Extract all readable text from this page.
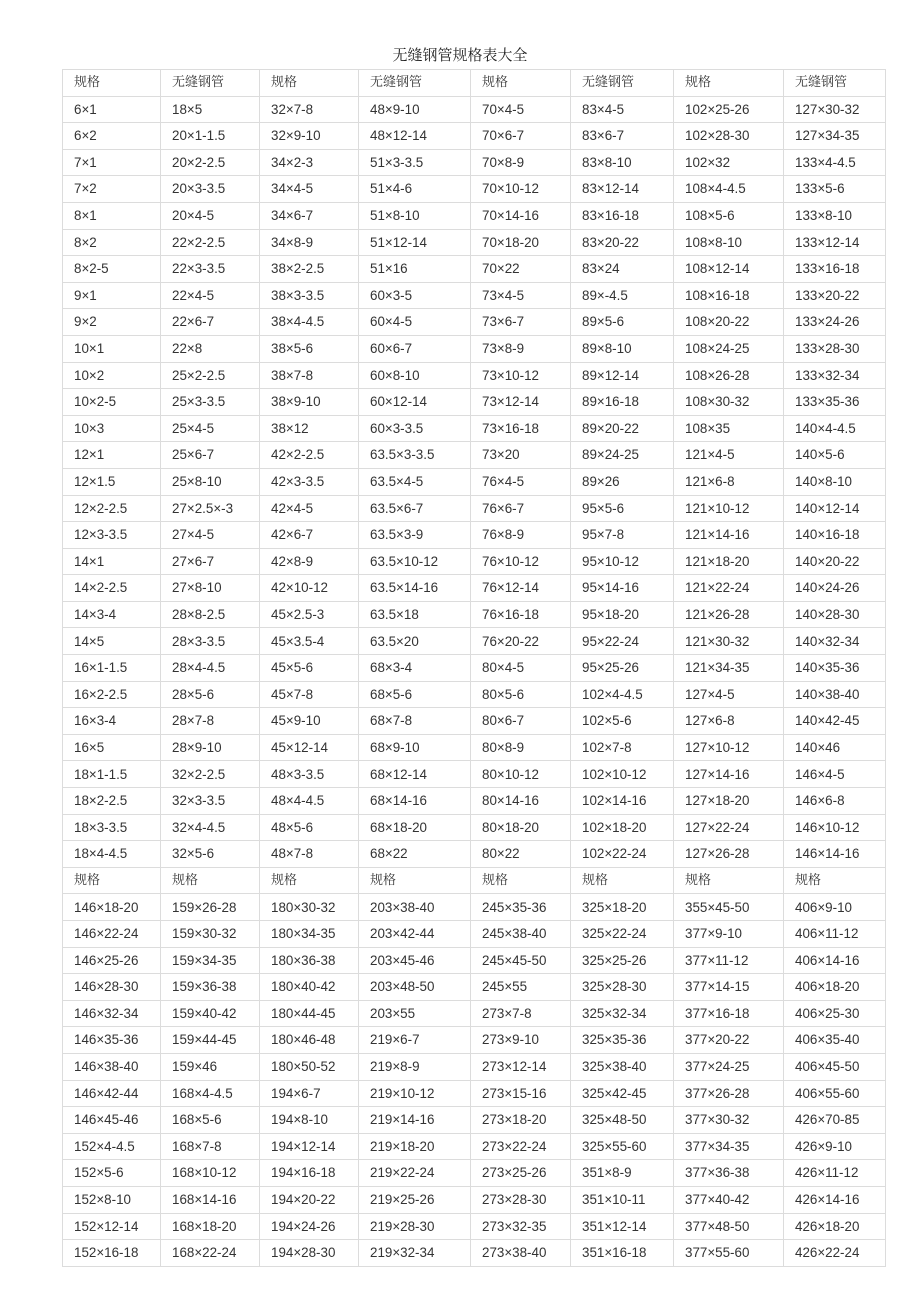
无缝钢管规格表大全
规格	无缝钢管	规格	无缝钢管	规格	无缝钢管	规格	无缝钢管
6×1	18×5	32×7-8	48×9-10	70×4-5	83×4-5	102×25-26	127×30-32
6×2	20×1-1.5	32×9-10	48×12-14	70×6-7	83×6-7	102×28-30	127×34-35
7×1	20×2-2.5	34×2-3	51×3-3.5	70×8-9	83×8-10	102×32	133×4-4.5
7×2	20×3-3.5	34×4-5	51×4-6	70×10-12	83×12-14	108×4-4.5	133×5-6
8×1	20×4-5	34×6-7	51×8-10	70×14-16	83×16-18	108×5-6	133×8-10
8×2	22×2-2.5	34×8-9	51×12-14	70×18-20	83×20-22	108×8-10	133×12-14
8×2-5	22×3-3.5	38×2-2.5	51×16	70×22	83×24	108×12-14	133×16-18
9×1	22×4-5	38×3-3.5	60×3-5	73×4-5	89×-4.5	108×16-18	133×20-22
9×2	22×6-7	38×4-4.5	60×4-5	73×6-7	89×5-6	108×20-22	133×24-26
10×1	22×8	38×5-6	60×6-7	73×8-9	89×8-10	108×24-25	133×28-30
10×2	25×2-2.5	38×7-8	60×8-10	73×10-12	89×12-14	108×26-28	133×32-34
10×2-5	25×3-3.5	38×9-10	60×12-14	73×12-14	89×16-18	108×30-32	133×35-36
10×3	25×4-5	38×12	60×3-3.5	73×16-18	89×20-22	108×35	140×4-4.5
12×1	25×6-7	42×2-2.5	63.5×3-3.5	73×20	89×24-25	121×4-5	140×5-6
12×1.5	25×8-10	42×3-3.5	63.5×4-5	76×4-5	89×26	121×6-8	140×8-10
12×2-2.5	27×2.5×-3	42×4-5	63.5×6-7	76×6-7	95×5-6	121×10-12	140×12-14
12×3-3.5	27×4-5	42×6-7	63.5×3-9	76×8-9	95×7-8	121×14-16	140×16-18
14×1	27×6-7	42×8-9	63.5×10-12	76×10-12	95×10-12	121×18-20	140×20-22
14×2-2.5	27×8-10	42×10-12	63.5×14-16	76×12-14	95×14-16	121×22-24	140×24-26
14×3-4	28×8-2.5	45×2.5-3	63.5×18	76×16-18	95×18-20	121×26-28	140×28-30
14×5	28×3-3.5	45×3.5-4	63.5×20	76×20-22	95×22-24	121×30-32	140×32-34
16×1-1.5	28×4-4.5	45×5-6	68×3-4	80×4-5	95×25-26	121×34-35	140×35-36
16×2-2.5	28×5-6	45×7-8	68×5-6	80×5-6	102×4-4.5	127×4-5	140×38-40
16×3-4	28×7-8	45×9-10	68×7-8	80×6-7	102×5-6	127×6-8	140×42-45
16×5	28×9-10	45×12-14	68×9-10	80×8-9	102×7-8	127×10-12	140×46
18×1-1.5	32×2-2.5	48×3-3.5	68×12-14	80×10-12	102×10-12	127×14-16	146×4-5
18×2-2.5	32×3-3.5	48×4-4.5	68×14-16	80×14-16	102×14-16	127×18-20	146×6-8
18×3-3.5	32×4-4.5	48×5-6	68×18-20	80×18-20	102×18-20	127×22-24	146×10-12
18×4-4.5	32×5-6	48×7-8	68×22	80×22	102×22-24	127×26-28	146×14-16
规格	规格	规格	规格	规格	规格	规格	规格
146×18-20	159×26-28	180×30-32	203×38-40	245×35-36	325×18-20	355×45-50	406×9-10
146×22-24	159×30-32	180×34-35	203×42-44	245×38-40	325×22-24	377×9-10	406×11-12
146×25-26	159×34-35	180×36-38	203×45-46	245×45-50	325×25-26	377×11-12	406×14-16
146×28-30	159×36-38	180×40-42	203×48-50	245×55	325×28-30	377×14-15	406×18-20
146×32-34	159×40-42	180×44-45	203×55	273×7-8	325×32-34	377×16-18	406×25-30
146×35-36	159×44-45	180×46-48	219×6-7	273×9-10	325×35-36	377×20-22	406×35-40
146×38-40	159×46	180×50-52	219×8-9	273×12-14	325×38-40	377×24-25	406×45-50
146×42-44	168×4-4.5	194×6-7	219×10-12	273×15-16	325×42-45	377×26-28	406×55-60
146×45-46	168×5-6	194×8-10	219×14-16	273×18-20	325×48-50	377×30-32	426×70-85
152×4-4.5	168×7-8	194×12-14	219×18-20	273×22-24	325×55-60	377×34-35	426×9-10
152×5-6	168×10-12	194×16-18	219×22-24	273×25-26	351×8-9	377×36-38	426×11-12
152×8-10	168×14-16	194×20-22	219×25-26	273×28-30	351×10-11	377×40-42	426×14-16
152×12-14	168×18-20	194×24-26	219×28-30	273×32-35	351×12-14	377×48-50	426×18-20
152×16-18	168×22-24	194×28-30	219×32-34	273×38-40	351×16-18	377×55-60	426×22-24
